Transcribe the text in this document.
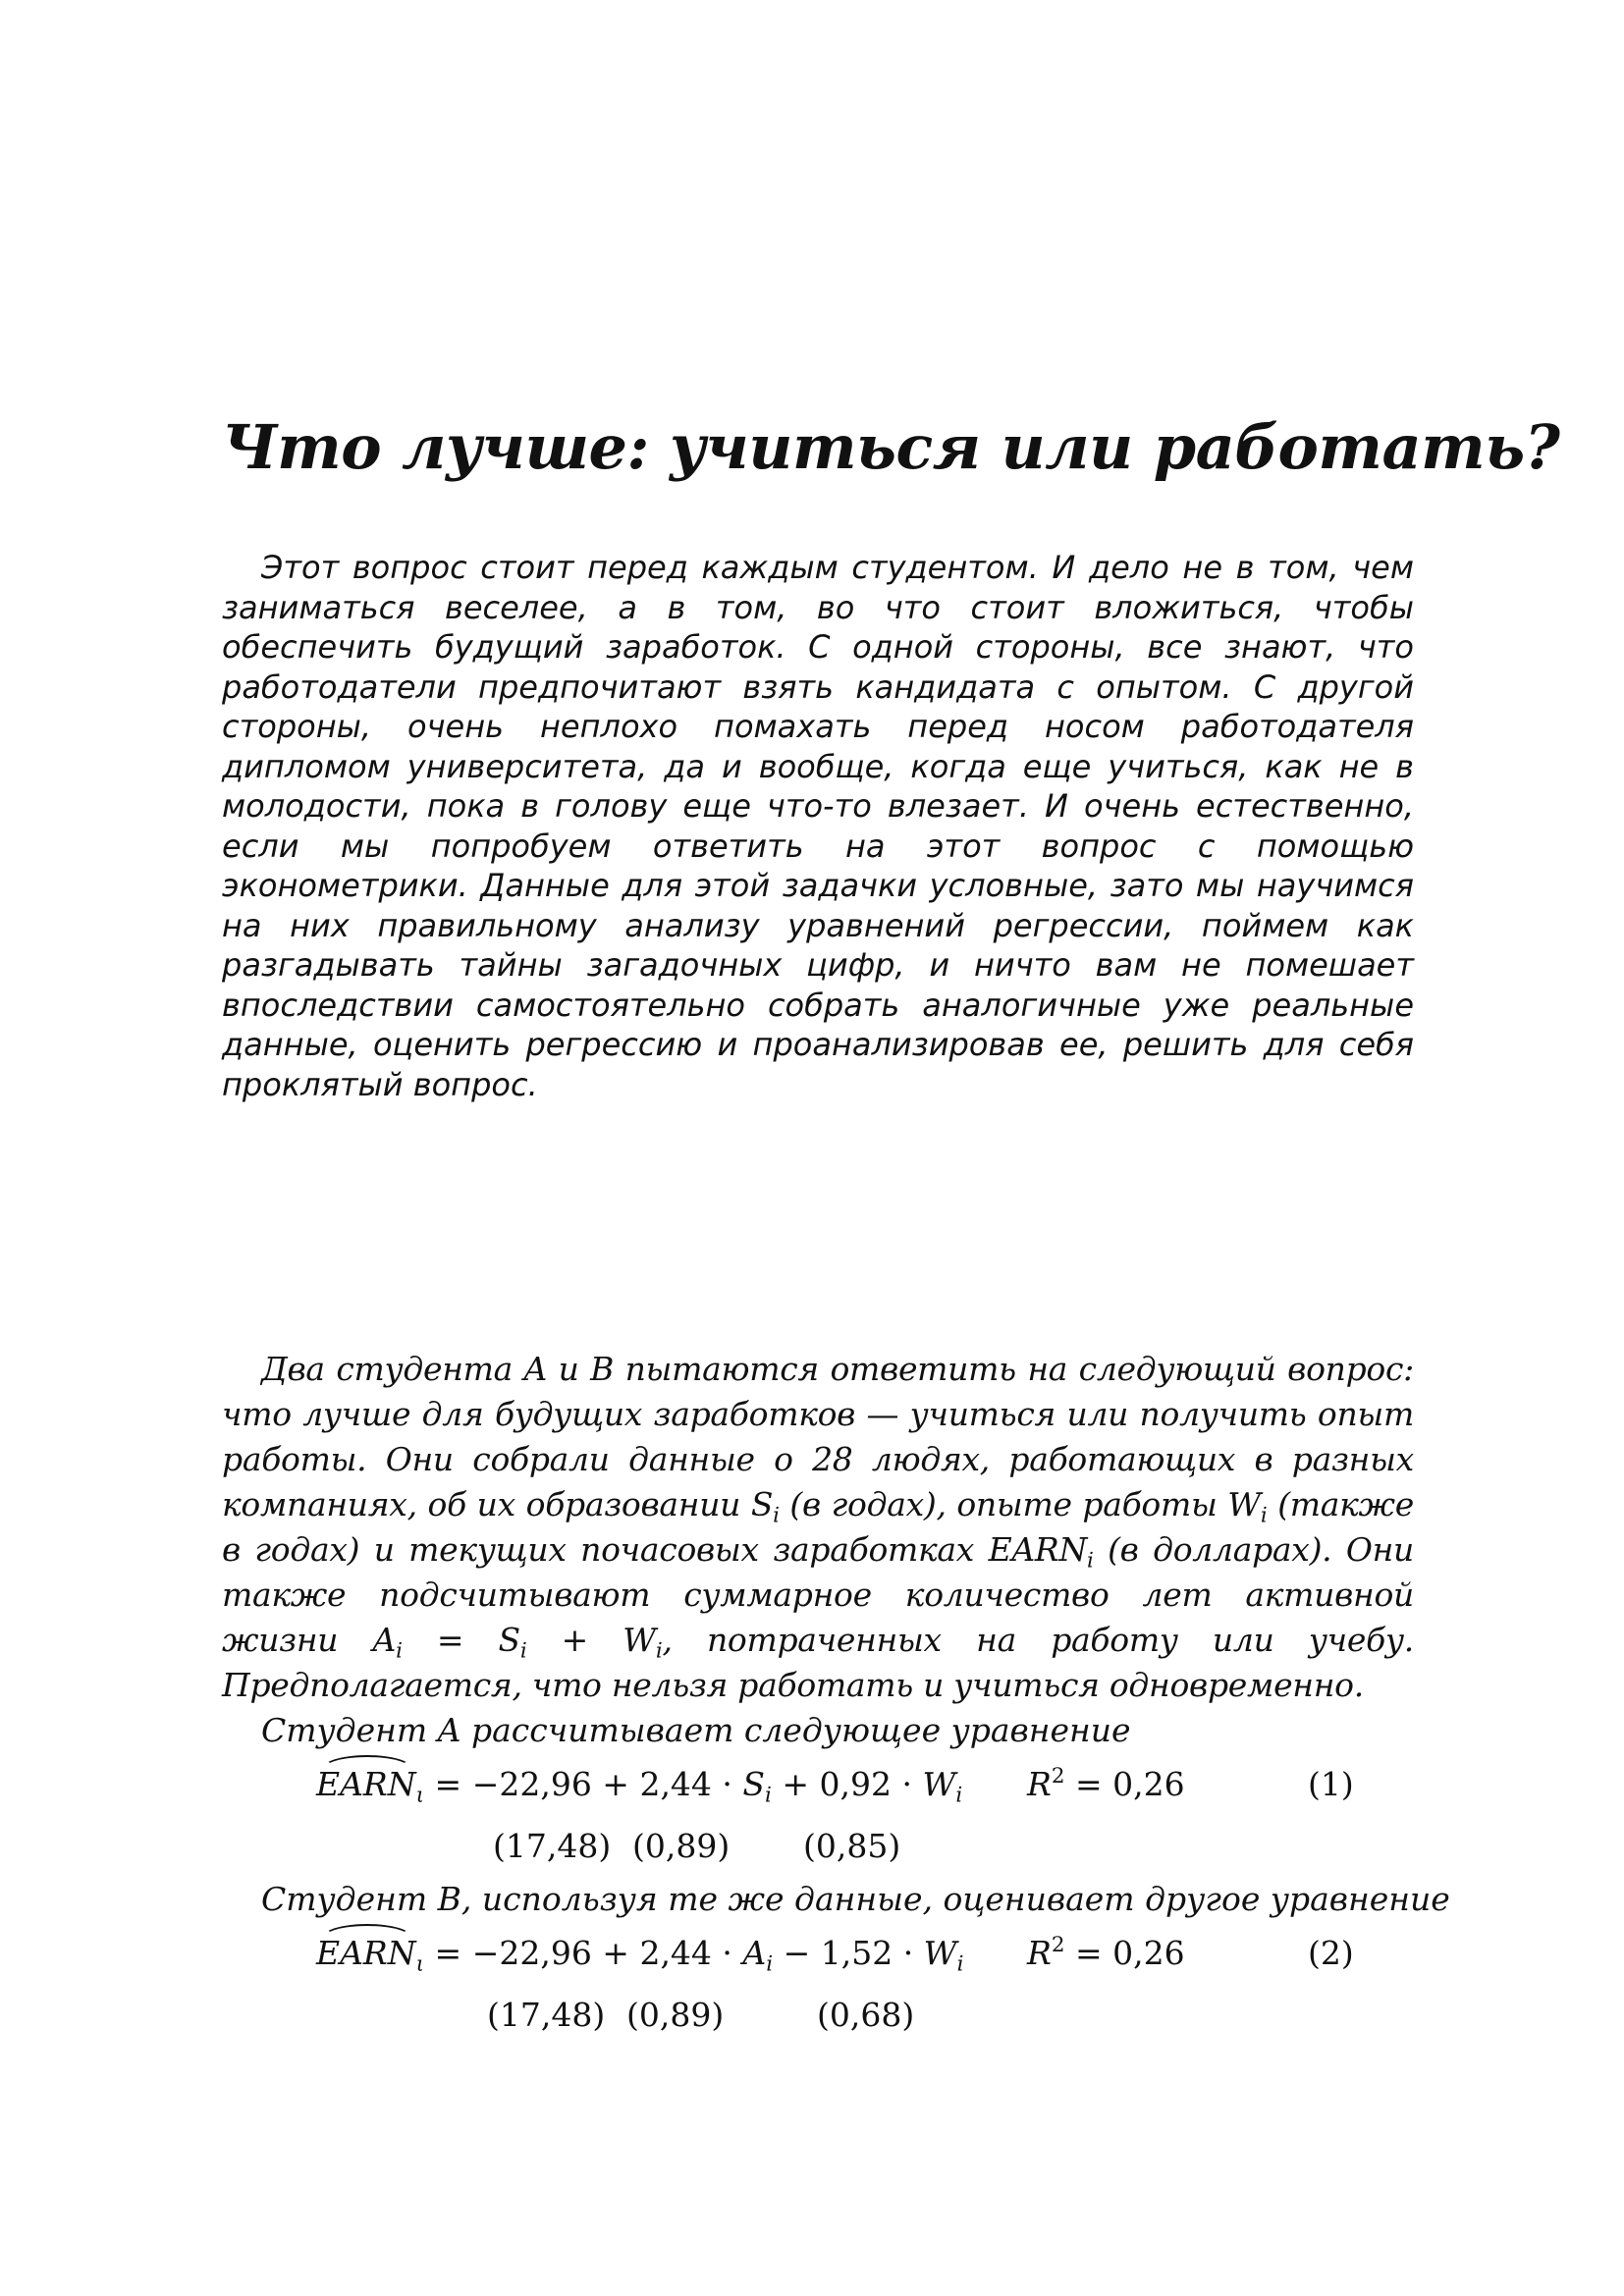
Что лучше: учиться или работать?

Этот вопрос стоит перед каждым студентом. И дело не в том, чем заниматься веселее, а в том, во что стоит вложиться, чтобы обеспечить будущий заработок. С одной стороны, все знают, что работодатели предпочитают взять кандидата с опытом. С другой стороны, очень неплохо помахать перед носом работодателя дипломом университета, да и вообще, когда еще учиться, как не в молодости, пока в голову еще что-то влезает. И очень естественно, если мы попробуем ответить на этот вопрос с помощью эконометрики. Данные для этой задачки условные, зато мы научимся на них правильному анализу уравнений регрессии, поймем как разгадывать тайны загадочных цифр, и ничто вам не помешает впоследствии самостоятельно собрать аналогичные уже реальные данные, оценить регрессию и проанализировав ее, решить для себя проклятый вопрос.

Два студента A и B пытаются ответить на следующий вопрос: что лучше для будущих заработков — учиться или получить опыт работы. Они собрали данные о 28 людях, работающих в разных компаниях, об их образовании $S_i$ (в годах), опыте работы $W_i$ (также в годах) и текущих почасовых заработках $EARN_i$ (в долларах). Они также подсчитывают суммарное количество лет активной жизни $A_i = S_i + W_i$, потраченных на работу или учебу. Предполагается, что нельзя работать и учиться одновременно.

Студент A рассчитывает следующее уравнение

$EARN_\iota = -22,96 + 2,44 \cdot S_i + 0,92 \cdot W_i$ $R^2 = 0,26$	(1)
(17,48) (0,89) (0,85)

Студент B, используя те же данные, оценивает другое уравнение

$EARN_\iota = -22,96 + 2,44 \cdot A_i - 1,52 \cdot W_i$ $R^2 = 0,26$	(2)
(17,48) (0,89)	(0,68)
